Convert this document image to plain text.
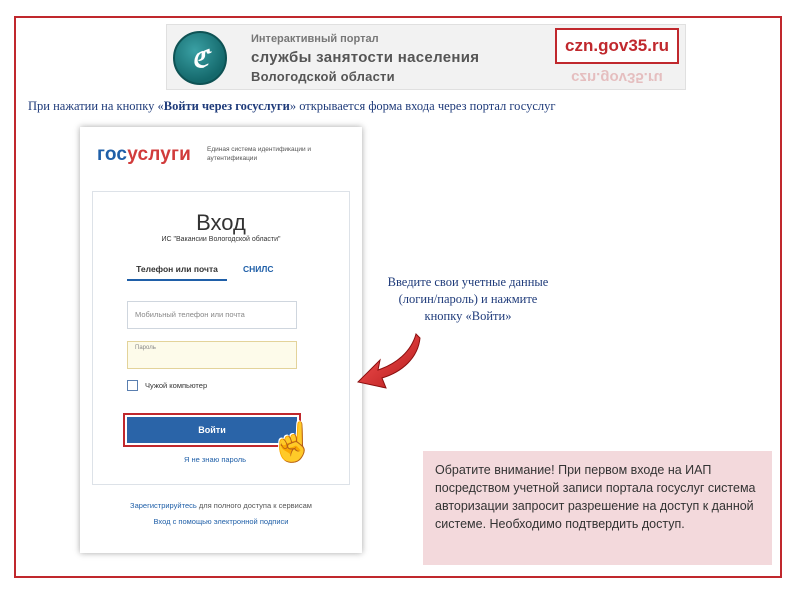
ℭ
Интерактивный портал
службы занятости населения
Вологодской области
czn.gov35.ru
czn.gov35.ru
При нажатии на кнопку «Войти через госуслуги» открывается форма входа через портал госуслуг
госуслуги Единая система идентификации и аутентификации
Вход
ИС "Вакансии Вологодской области"
Телефон или почта	СНИЛС
Мобильный телефон или почта
Пароль
Чужой компьютер
Войти
Я не знаю пароль ☝
Зарегистрируйтесь для полного доступа к сервисам
Вход с помощью электронной подписи
Введите свои учетные данные (логин/пароль) и нажмите кнопку «Войти»
Обратите внимание! При первом входе на ИАП посредством учетной записи портала госуслуг система авторизации запросит разрешение на доступ к данной системе. Необходимо подтвердить доступ.
